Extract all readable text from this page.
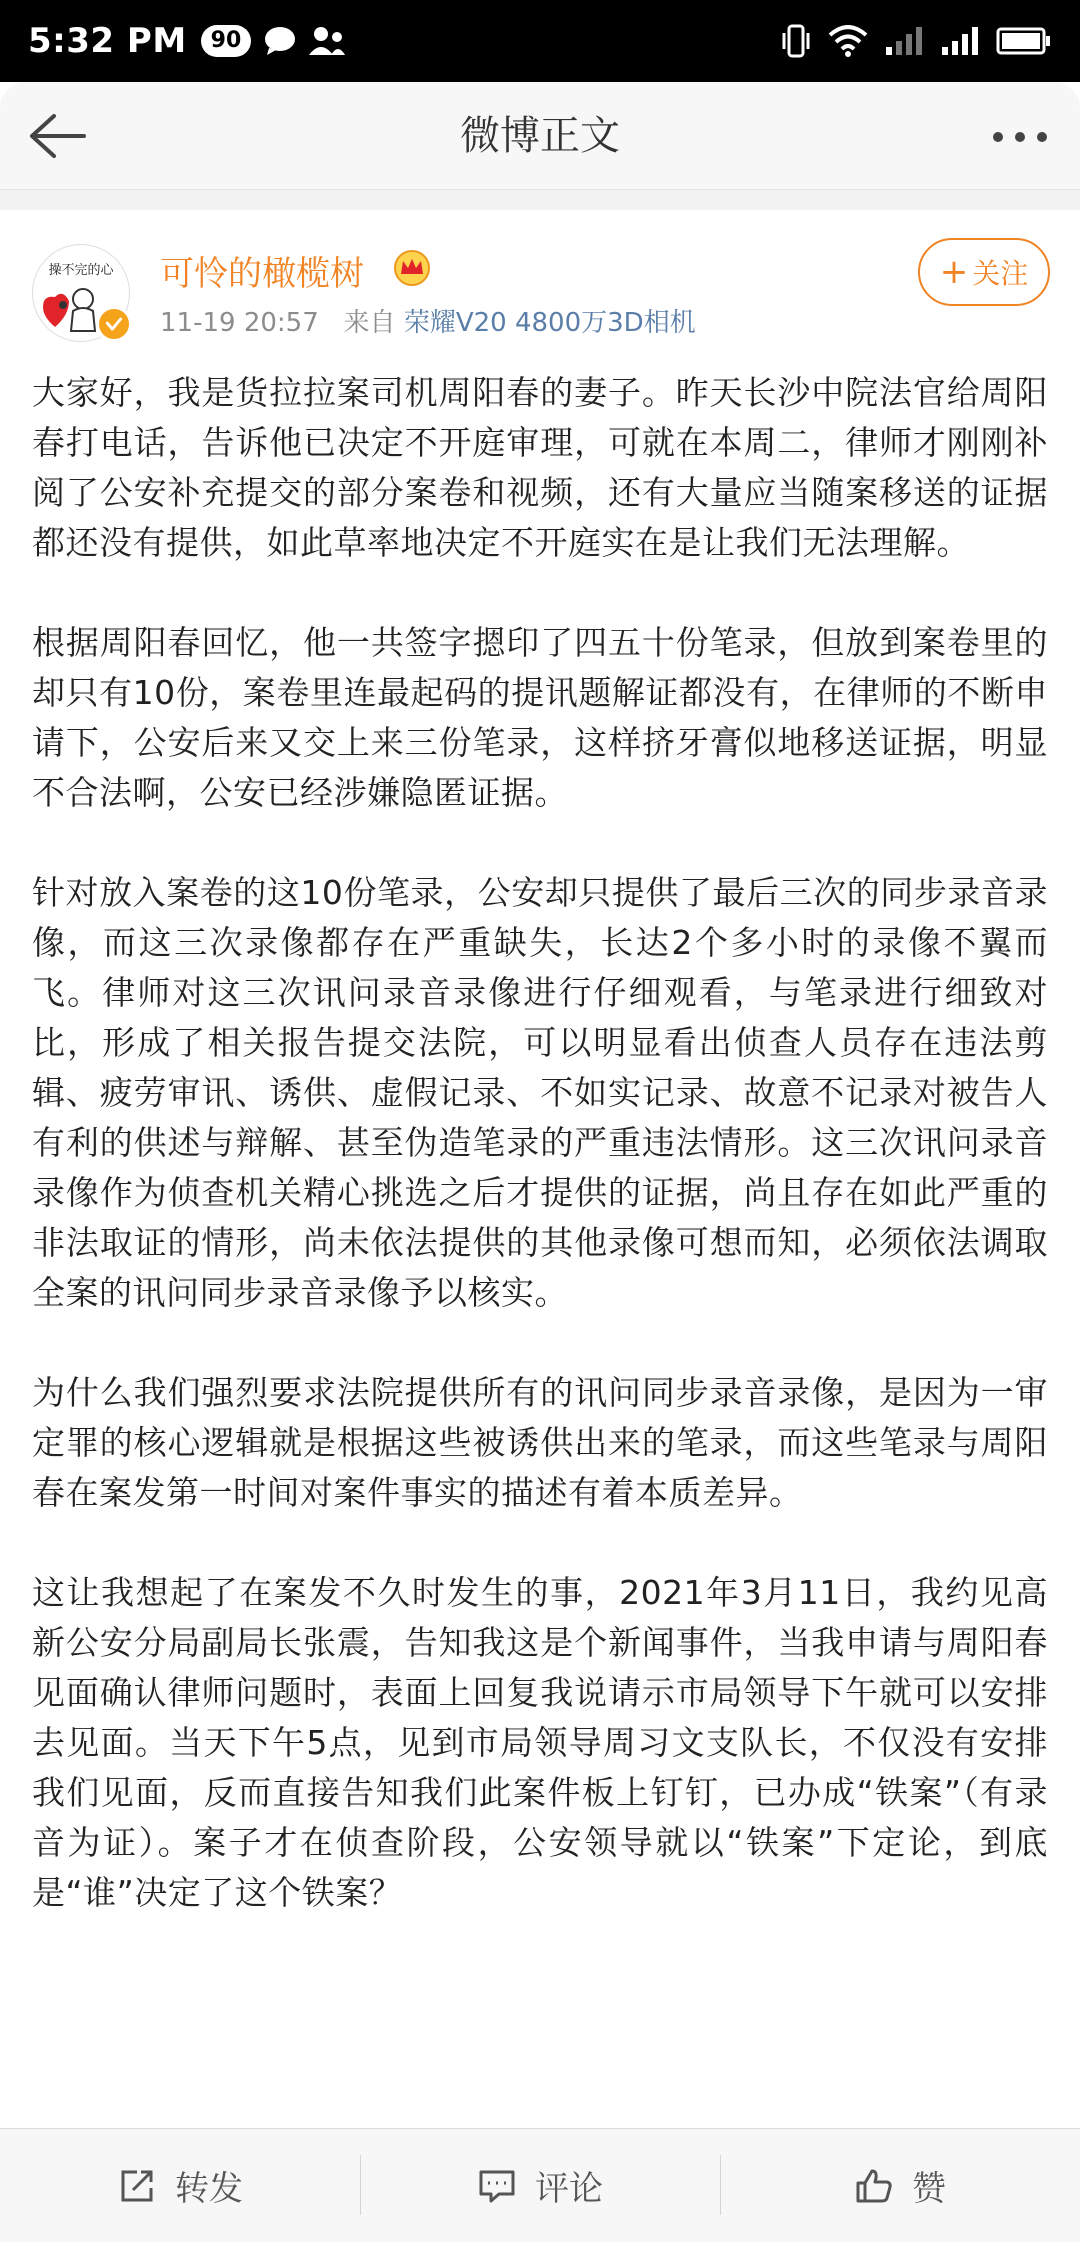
5:32 PM	90
微博正文
操不完的心	可怜的橄榄树
11-19 20:57 来自 荣耀V20 4800万3D相机
+ 关注

大家好，我是货拉拉案司机周阳春的妻子。昨天长沙中院法官给周阳春打电话，告诉他已决定不开庭审理，可就在本周二，律师才刚刚补阅了公安补充提交的部分案卷和视频，还有大量应当随案移送的证据都还没有提供，如此草率地决定不开庭实在是让我们无法理解。

根据周阳春回忆，他一共签字摁印了四五十份笔录，但放到案卷里的却只有10份，案卷里连最起码的提讯题解证都没有，在律师的不断申请下，公安后来又交上来三份笔录，这样挤牙膏似地移送证据，明显不合法啊，公安已经涉嫌隐匿证据。

针对放入案卷的这10份笔录，公安却只提供了最后三次的同步录音录像，而这三次录像都存在严重缺失，长达2个多小时的录像不翼而飞。律师对这三次讯问录音录像进行仔细观看，与笔录进行细致对比，形成了相关报告提交法院，可以明显看出侦查人员存在违法剪辑、疲劳审讯、诱供、虚假记录、不如实记录、故意不记录对被告人有利的供述与辩解、甚至伪造笔录的严重违法情形。这三次讯问录音录像作为侦查机关精心挑选之后才提供的证据，尚且存在如此严重的非法取证的情形，尚未依法提供的其他录像可想而知，必须依法调取全案的讯问同步录音录像予以核实。

为什么我们强烈要求法院提供所有的讯问同步录音录像，是因为一审定罪的核心逻辑就是根据这些被诱供出来的笔录，而这些笔录与周阳春在案发第一时间对案件事实的描述有着本质差异。

这让我想起了在案发不久时发生的事，2021年3月11日，我约见高新公安分局副局长张震，告知我这是个新闻事件，当我申请与周阳春见面确认律师问题时，表面上回复我说请示市局领导下午就可以安排去见面。当天下午5点，见到市局领导周习文支队长，不仅没有安排我们见面，反而直接告知我们此案件板上钉钉，已办成“铁案”（有录音为证）。案子才在侦查阶段，公安领导就以“铁案”下定论，到底是“谁”决定了这个铁案？

转发	评论	赞
